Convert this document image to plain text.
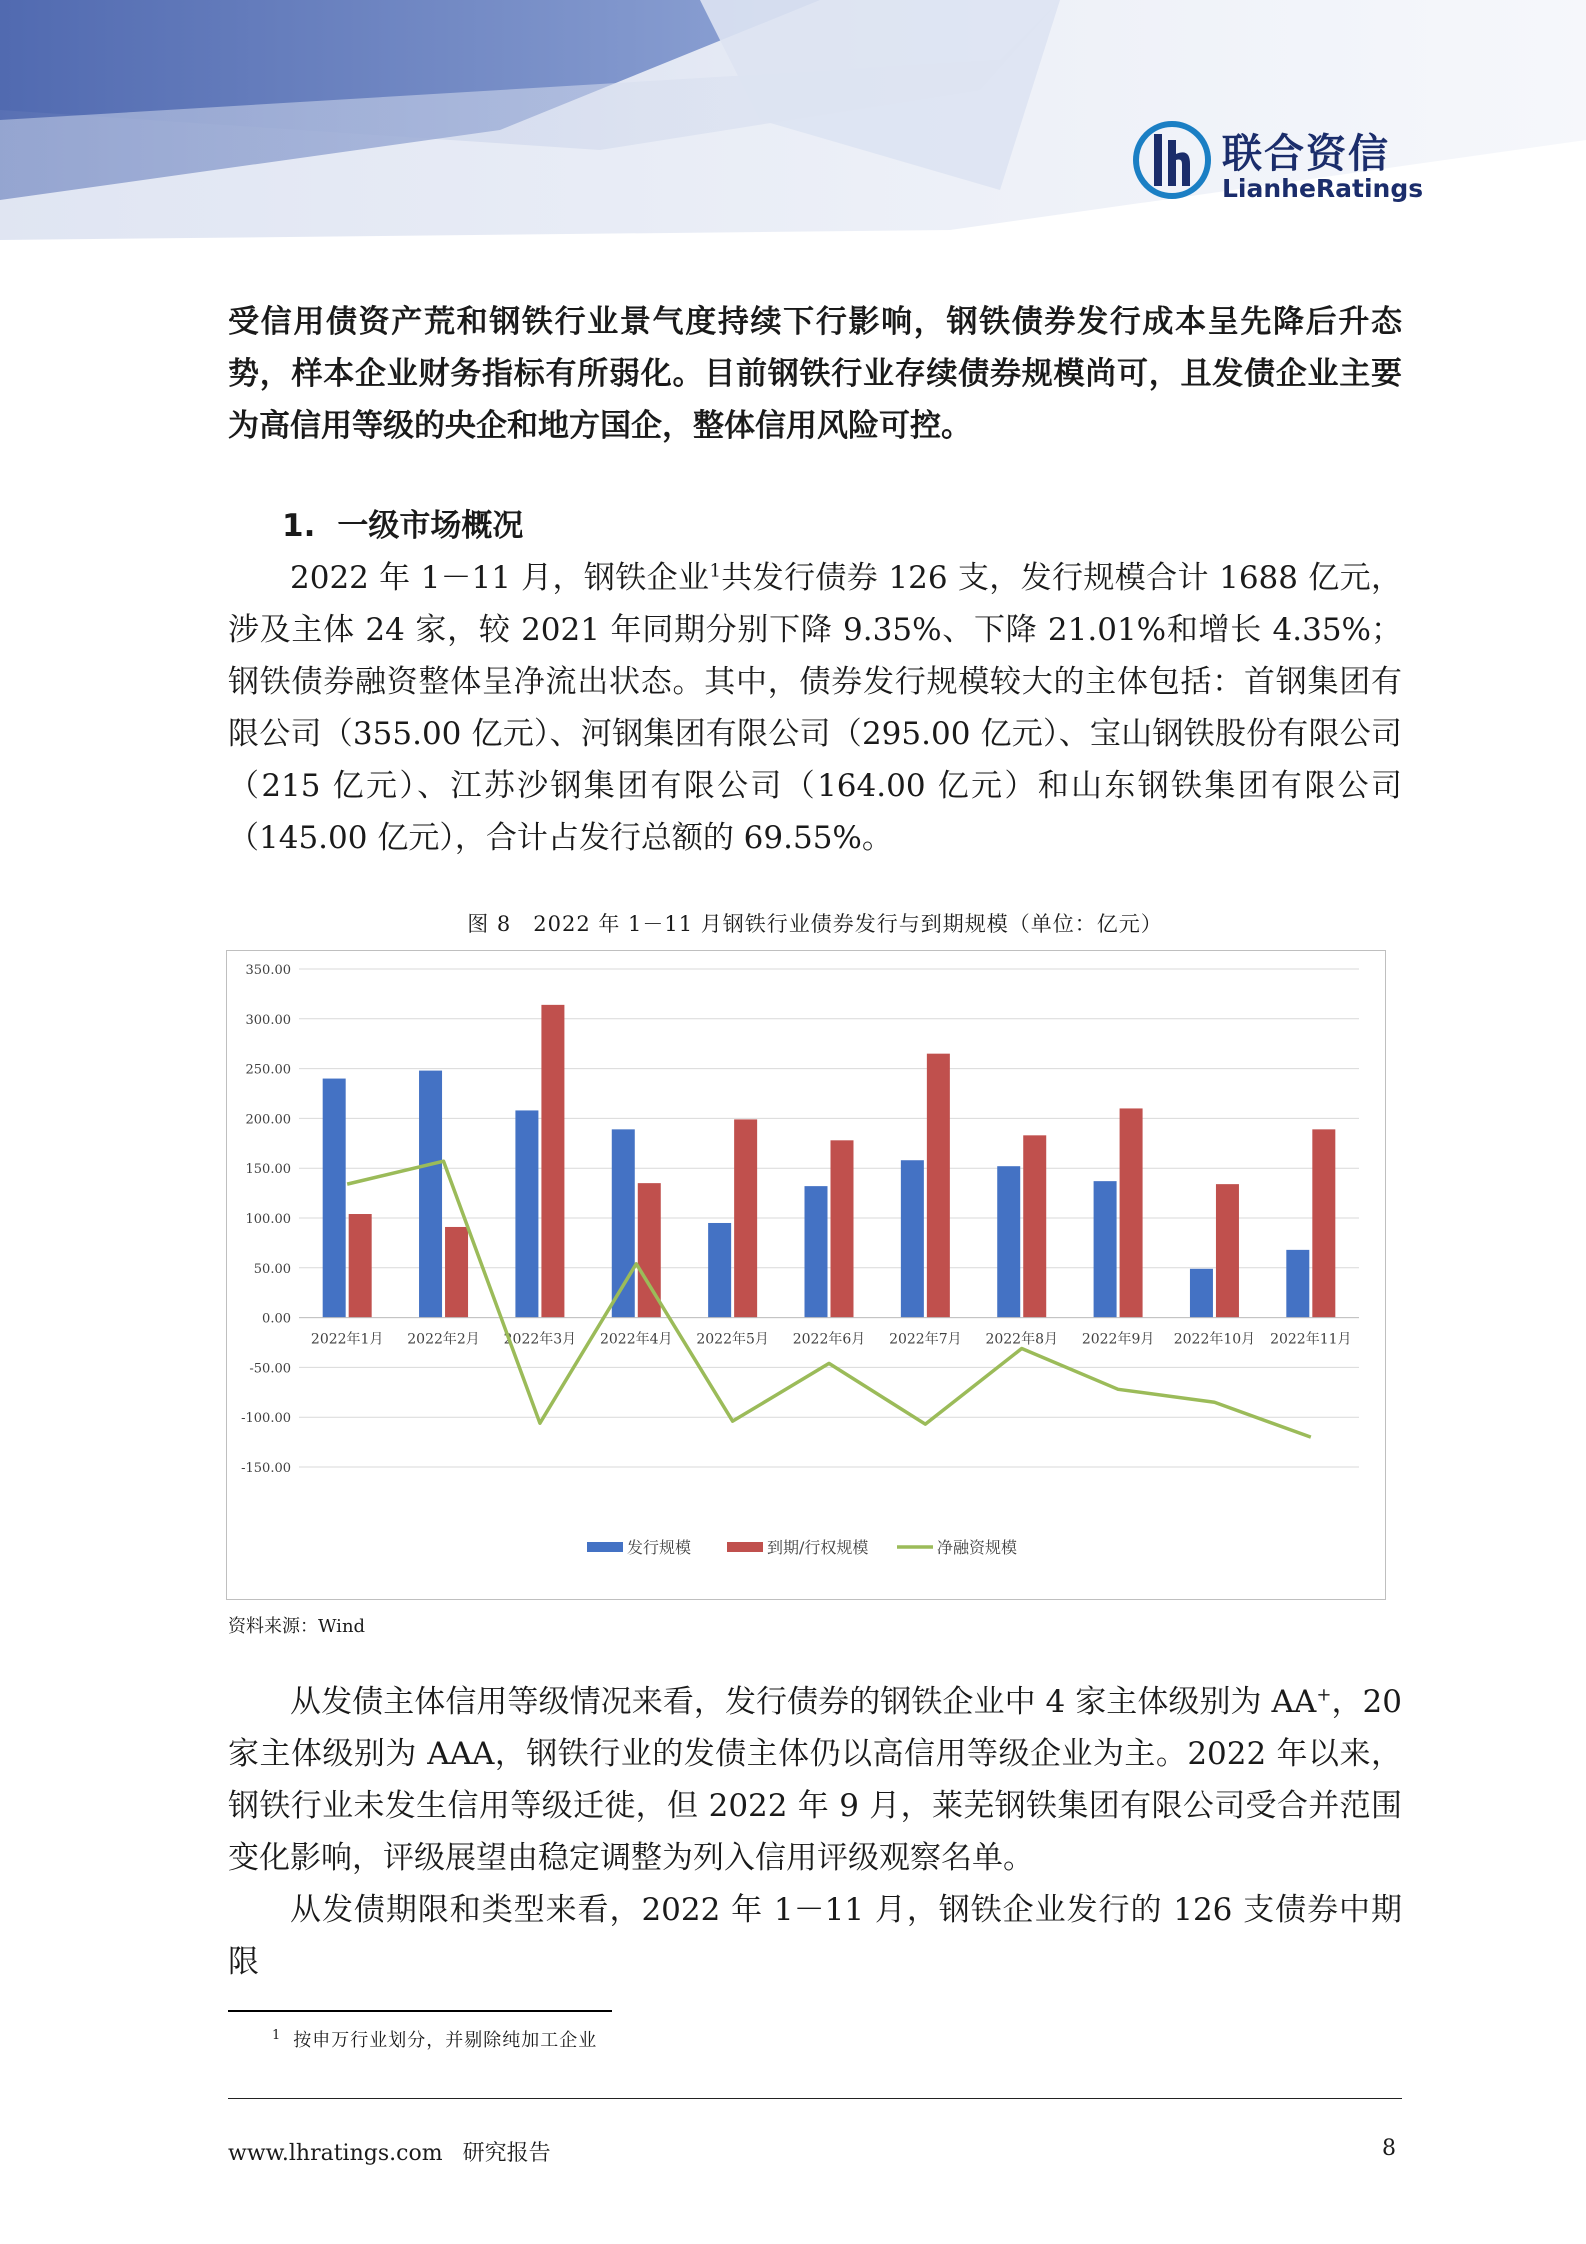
联合资信
LianheRatings

受信用债资产荒和钢铁行业景气度持续下行影响，钢铁债券发行成本呈先降后升态势，样本企业财务指标有所弱化。目前钢铁行业存续债券规模尚可，且发债企业主要为高信用等级的央企和地方国企，整体信用风险可控。

1. 一级市场概况

2022 年 1－11 月，钢铁企业$^1$共发行债券 126 支，发行规模合计 1688 亿元，涉及主体 24 家，较 2021 年同期分别下降 9.35%、下降 21.01%和增长 4.35%；钢铁债券融资整体呈净流出状态。其中，债券发行规模较大的主体包括：首钢集团有限公司（355.00 亿元）、河钢集团有限公司（295.00 亿元）、宝山钢铁股份有限公司（215 亿元）、江苏沙钢集团有限公司（164.00 亿元）和山东钢铁集团有限公司（145.00 亿元），合计占发行总额的 69.55%。

图 8　2022 年 1－11 月钢铁行业债券发行与到期规模（单位：亿元）

350.00
300.00
250.00
200.00
150.00
100.00
50.00
0.00
-50.00
-100.00
-150.00
2022年1月 2022年2月 2022年3月 2022年4月 2022年5月 2022年6月 2022年7月 2022年8月 2022年9月 2022年10月 2022年11月
发行规模	到期/行权规模	净融资规模

资料来源：Wind

从发债主体信用等级情况来看，发行债券的钢铁企业中 4 家主体级别为 AA+，20 家主体级别为 AAA，钢铁行业的发债主体仍以高信用等级企业为主。2022 年以来，钢铁行业未发生信用等级迁徙，但 2022 年 9 月，莱芜钢铁集团有限公司受合并范围变化影响，评级展望由稳定调整为列入信用评级观察名单。

从发债期限和类型来看，2022 年 1－11 月，钢铁企业发行的 126 支债券中期限

$^1$ 按申万行业划分，并剔除纯加工企业

www.lhratings.com 研究报告	8
